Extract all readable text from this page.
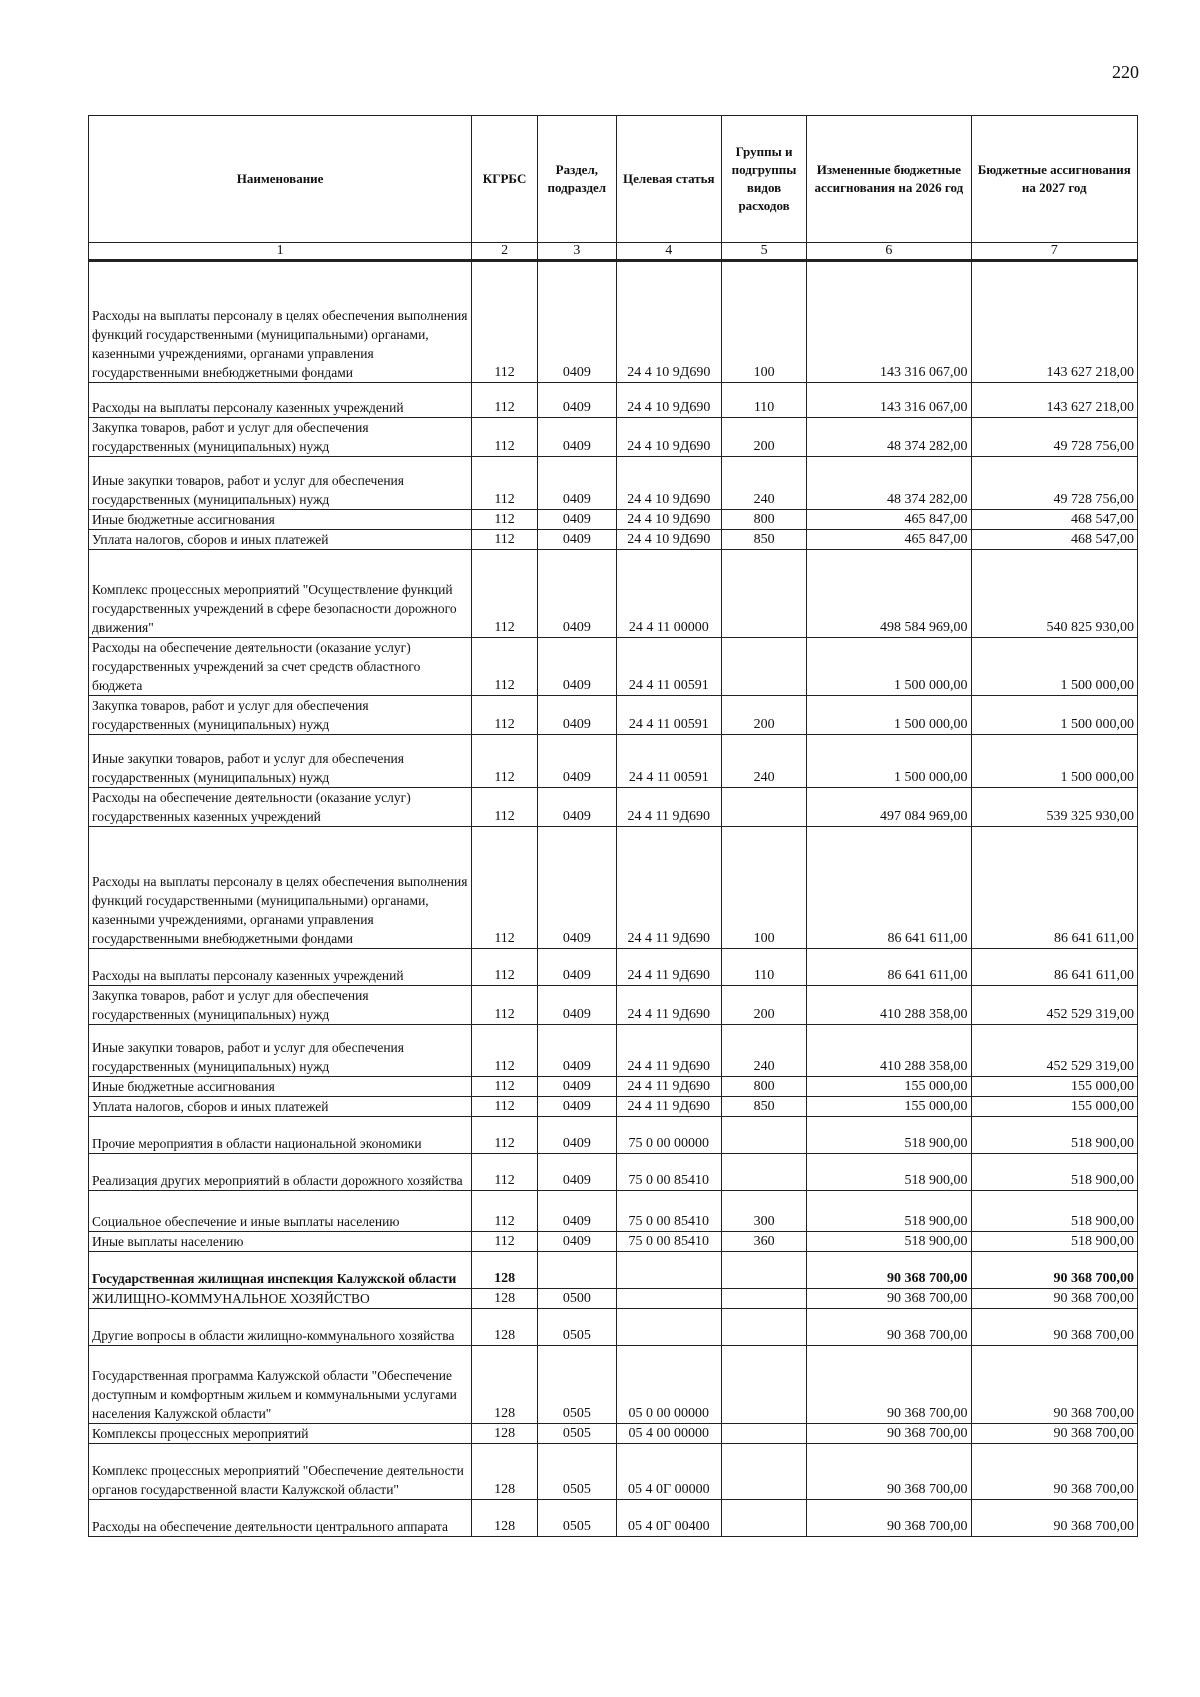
220
Наименование	КГРБС	Раздел, подраздел	Целевая статья	Группы и подгруппы видов расходов	Измененные бюджетные ассигнования на 2026 год	Бюджетные ассигнования на 2027 год
1	2	3	4	5	6	7
Расходы на выплаты персоналу в целях обеспечения выполнения функций государственными (муниципальными) органами, казенными учреждениями, органами управления государственными внебюджетными фондами	112	0409	24 4 10 9Д690	100	143 316 067,00	143 627 218,00
Расходы на выплаты персоналу казенных учреждений	112	0409	24 4 10 9Д690	110	143 316 067,00	143 627 218,00
Закупка товаров, работ и услуг для обеспечения государственных (муниципальных) нужд	112	0409	24 4 10 9Д690	200	48 374 282,00	49 728 756,00
Иные закупки товаров, работ и услуг для обеспечения государственных (муниципальных) нужд	112	0409	24 4 10 9Д690	240	48 374 282,00	49 728 756,00
Иные бюджетные ассигнования	112	0409	24 4 10 9Д690	800	465 847,00	468 547,00
Уплата налогов, сборов и иных платежей	112	0409	24 4 10 9Д690	850	465 847,00	468 547,00
Комплекс процессных мероприятий "Осуществление функций государственных учреждений в сфере безопасности дорожного движения"	112	0409	24 4 11 00000		498 584 969,00	540 825 930,00
Расходы на обеспечение деятельности (оказание услуг) государственных учреждений за счет средств областного бюджета	112	0409	24 4 11 00591		1 500 000,00	1 500 000,00
Закупка товаров, работ и услуг для обеспечения государственных (муниципальных) нужд	112	0409	24 4 11 00591	200	1 500 000,00	1 500 000,00
Иные закупки товаров, работ и услуг для обеспечения государственных (муниципальных) нужд	112	0409	24 4 11 00591	240	1 500 000,00	1 500 000,00
Расходы на обеспечение деятельности (оказание услуг) государственных казенных учреждений	112	0409	24 4 11 9Д690		497 084 969,00	539 325 930,00
Расходы на выплаты персоналу в целях обеспечения выполнения функций государственными (муниципальными) органами, казенными учреждениями, органами управления государственными внебюджетными фондами	112	0409	24 4 11 9Д690	100	86 641 611,00	86 641 611,00
Расходы на выплаты персоналу казенных учреждений	112	0409	24 4 11 9Д690	110	86 641 611,00	86 641 611,00
Закупка товаров, работ и услуг для обеспечения государственных (муниципальных) нужд	112	0409	24 4 11 9Д690	200	410 288 358,00	452 529 319,00
Иные закупки товаров, работ и услуг для обеспечения государственных (муниципальных) нужд	112	0409	24 4 11 9Д690	240	410 288 358,00	452 529 319,00
Иные бюджетные ассигнования	112	0409	24 4 11 9Д690	800	155 000,00	155 000,00
Уплата налогов, сборов и иных платежей	112	0409	24 4 11 9Д690	850	155 000,00	155 000,00
Прочие мероприятия в области национальной экономики	112	0409	75 0 00 00000		518 900,00	518 900,00
Реализация других мероприятий в области дорожного хозяйства	112	0409	75 0 00 85410		518 900,00	518 900,00
Социальное обеспечение и иные выплаты населению	112	0409	75 0 00 85410	300	518 900,00	518 900,00
Иные выплаты населению	112	0409	75 0 00 85410	360	518 900,00	518 900,00
Государственная жилищная инспекция Калужской области	128				90 368 700,00	90 368 700,00
ЖИЛИЩНО-КОММУНАЛЬНОЕ ХОЗЯЙСТВО	128	0500			90 368 700,00	90 368 700,00
Другие вопросы в области жилищно-коммунального хозяйства	128	0505			90 368 700,00	90 368 700,00
Государственная программа Калужской области "Обеспечение доступным и комфортным жильем и коммунальными услугами населения Калужской области"	128	0505	05 0 00 00000		90 368 700,00	90 368 700,00
Комплексы процессных мероприятий	128	0505	05 4 00 00000		90 368 700,00	90 368 700,00
Комплекс процессных мероприятий "Обеспечение деятельности органов государственной власти Калужской области"	128	0505	05 4 0Г 00000		90 368 700,00	90 368 700,00
Расходы на обеспечение деятельности центрального аппарата	128	0505	05 4 0Г 00400		90 368 700,00	90 368 700,00
